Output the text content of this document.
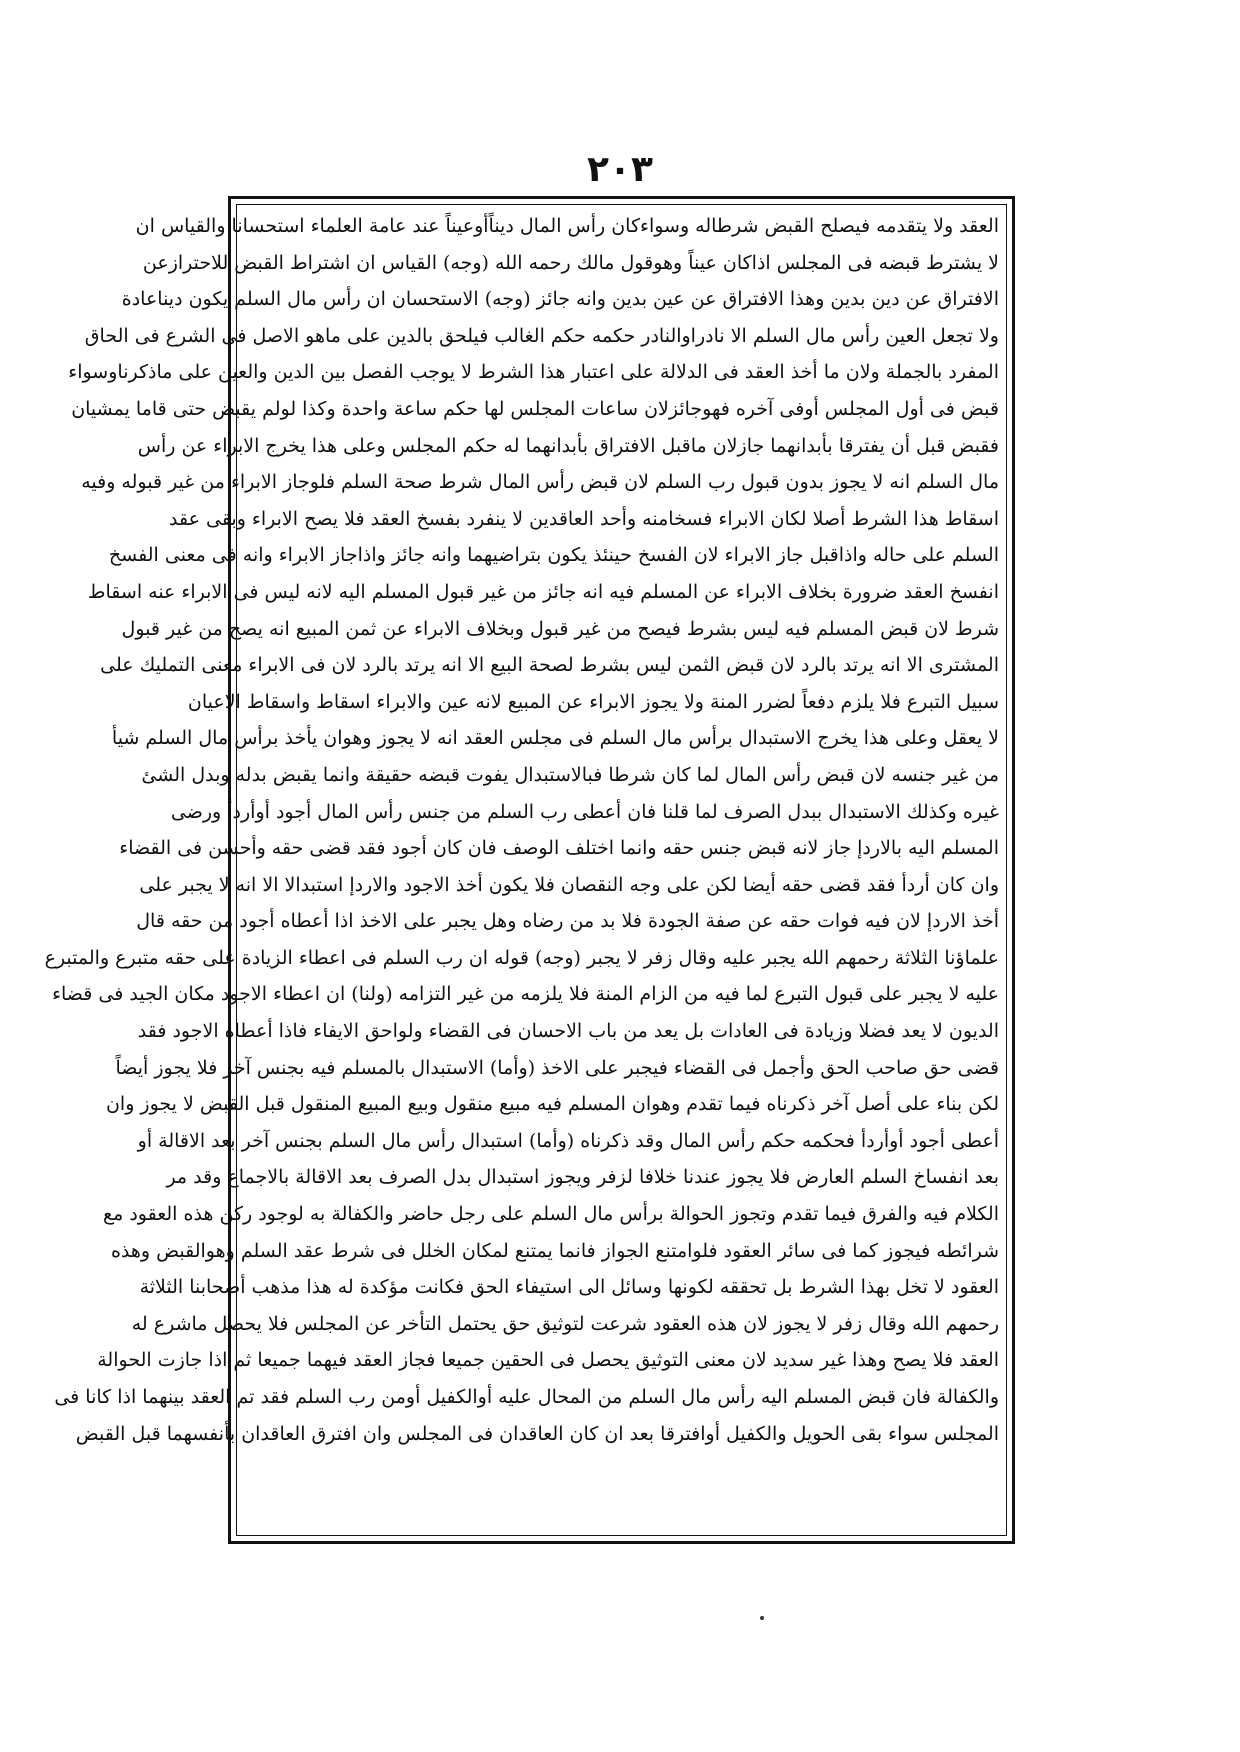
٢٠٣
العقد ولا يتقدمه فيصلح القبض شرطاله وسواءكان رأس المال ديناًأوعيناً عند عامة العلماء استحسانا والقياس ان
لا يشترط قبضه فى المجلس اذاكان عيناً وهوقول مالك رحمه الله (وجه) القياس ان اشتراط القبض للاحترازعن
الافتراق عن دين بدين وهذا الافتراق عن عين بدين وانه جائز (وجه) الاستحسان ان رأس مال السلم يكون ديناعادة
ولا تجعل العين رأس مال السلم الا نادراوالنادر حكمه حكم الغالب فيلحق بالدين على ماهو الاصل فى الشرع فى الحاق
المفرد بالجملة ولان ما أخذ العقد فى الدلالة على اعتبار هذا الشرط لا يوجب الفصل بين الدين والعين على ماذكرناوسواء
قبض فى أول المجلس أوفى آخره فهوجائزلان ساعات المجلس لها حكم ساعة واحدة وكذا لولم يقبض حتى قاما يمشيان
فقبض قبل أن يفترقا بأبدانهما جازلان ماقبل الافتراق بأبدانهما له حكم المجلس وعلى هذا يخرج الابراء عن رأس
مال السلم انه لا يجوز بدون قبول رب السلم لان قبض رأس المال شرط صحة السلم فلوجاز الابراء من غير قبوله وفيه
اسقاط هذا الشرط أصلا لكان الابراء فسخامنه وأحد العاقدين لا ينفرد بفسخ العقد فلا يصح الابراء وبقى عقد
السلم على حاله واذاقبل جاز الابراء لان الفسخ حينئذ يكون بتراضيهما وانه جائز واذاجاز الابراء وانه فى معنى الفسخ
انفسخ العقد ضرورة بخلاف الابراء عن المسلم فيه انه جائز من غير قبول المسلم اليه لانه ليس فى الابراء عنه اسقاط
شرط لان قبض المسلم فيه ليس بشرط فيصح من غير قبول وبخلاف الابراء عن ثمن المبيع انه يصح من غير قبول
المشترى الا انه يرتد بالرد لان قبض الثمن ليس بشرط لصحة البيع الا انه يرتد بالرد لان فى الابراء معنى التمليك على
سبيل التبرع فلا يلزم دفعاً لضرر المنة ولا يجوز الابراء عن المبيع لانه عين والابراء اسقاط واسقاط الاعيان
لا يعقل وعلى هذا يخرج الاستبدال برأس مال السلم فى مجلس العقد انه لا يجوز وهوان يأخذ برأس مال السلم شيأ
من غير جنسه لان قبض رأس المال لما كان شرطا فبالاستبدال يفوت قبضه حقيقة وانما يقبض بدله وبدل الشئ
غيره وكذلك الاستبدال ببدل الصرف لما قلنا فان أعطى رب السلم من جنس رأس المال أجود أوأردأ ورضى
المسلم اليه بالاردإ جاز لانه قبض جنس حقه وانما اختلف الوصف فان كان أجود فقد قضى حقه وأحسن فى القضاء
وان كان أردأ فقد قضى حقه أيضا لكن على وجه النقصان فلا يكون أخذ الاجود والاردإ استبدالا الا انه لا يجبر على
أخذ الاردإ لان فيه فوات حقه عن صفة الجودة فلا بد من رضاه وهل يجبر على الاخذ اذا أعطاه أجود من حقه قال
علماؤنا الثلاثة رحمهم الله يجبر عليه وقال زفر لا يجبر (وجه) قوله ان رب السلم فى اعطاء الزيادة على حقه متبرع والمتبرع
عليه لا يجبر على قبول التبرع لما فيه من الزام المنة فلا يلزمه من غير التزامه (ولنا) ان اعطاء الاجود مكان الجيد فى قضاء
الديون لا يعد فضلا وزيادة فى العادات بل يعد من باب الاحسان فى القضاء ولواحق الايفاء فاذا أعطاه الاجود فقد
قضى حق صاحب الحق وأجمل فى القضاء فيجبر على الاخذ (وأما) الاستبدال بالمسلم فيه بجنس آخر فلا يجوز أيضاً
لكن بناء على أصل آخر ذكرناه فيما تقدم وهوان المسلم فيه مبيع منقول وبيع المبيع المنقول قبل القبض لا يجوز وان
أعطى أجود أوأردأ فحكمه حكم رأس المال وقد ذكرناه (وأما) استبدال رأس مال السلم بجنس آخر بعد الاقالة أو
بعد انفساخ السلم العارض فلا يجوز عندنا خلافا لزفر ويجوز استبدال بدل الصرف بعد الاقالة بالاجماع وقد مر
الكلام فيه والفرق فيما تقدم وتجوز الحوالة برأس مال السلم على رجل حاضر والكفالة به لوجود ركن هذه العقود مع
شرائطه فيجوز كما فى سائر العقود فلوامتنع الجواز فانما يمتنع لمكان الخلل فى شرط عقد السلم وهوالقبض وهذه
العقود لا تخل بهذا الشرط بل تحققه لكونها وسائل الى استيفاء الحق فكانت مؤكدة له هذا مذهب أصحابنا الثلاثة
رحمهم الله وقال زفر لا يجوز لان هذه العقود شرعت لتوثيق حق يحتمل التأخر عن المجلس فلا يحصل ماشرع له
العقد فلا يصح وهذا غير سديد لان معنى التوثيق يحصل فى الحقين جميعا فجاز العقد فيهما جميعا ثم اذا جازت الحوالة
والكفالة فان قبض المسلم اليه رأس مال السلم من المحال عليه أوالكفيل أومن رب السلم فقد تم العقد بينهما اذا كانا فى
المجلس سواء بقى الحويل والكفيل أوافترقا بعد ان كان العاقدان فى المجلس وان افترق العاقدان بأنفسهما قبل القبض
